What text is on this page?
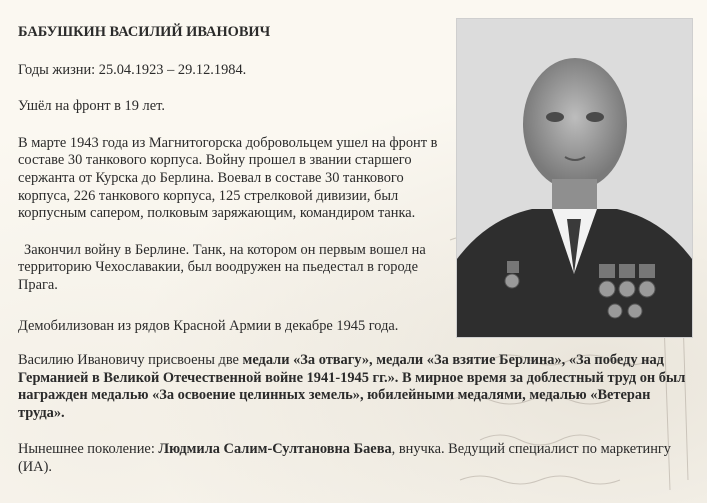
БАБУШКИН ВАСИЛИЙ ИВАНОВИЧ
Годы жизни: 25.04.1923 – 29.12.1984.
Ушёл на фронт в 19 лет.
В марте 1943 года из Магнитогорска добровольцем ушел на фронт в составе 30 танкового корпуса. Войну прошел в звании старшего сержанта от Курска до Берлина. Воевал в составе 30 танкового корпуса, 226 танкового корпуса, 125 стрелковой дивизии, был корпусным сапером, полковым заряжающим, командиром танка.
Закончил войну в Берлине. Танк, на котором он первым вошел на территорию Чехославакии, был воодружен на пьедестал в городе Прага.
Демобилизован из рядов Красной Армии в декабре 1945 года.
Василию Ивановичу присвоены две медали «За отвагу», медали «За взятие Берлина», «За победу над Германией в Великой Отечественной войне 1941-1945 гг.». В мирное время за доблестный труд он был награжден медалью «За освоение целинных земель», юбилейными медалями, медалью «Ветеран труда».
Нынешнее поколение: Людмила Салим-Султановна Баева, внучка. Ведущий специалист по маркетингу (ИА).
